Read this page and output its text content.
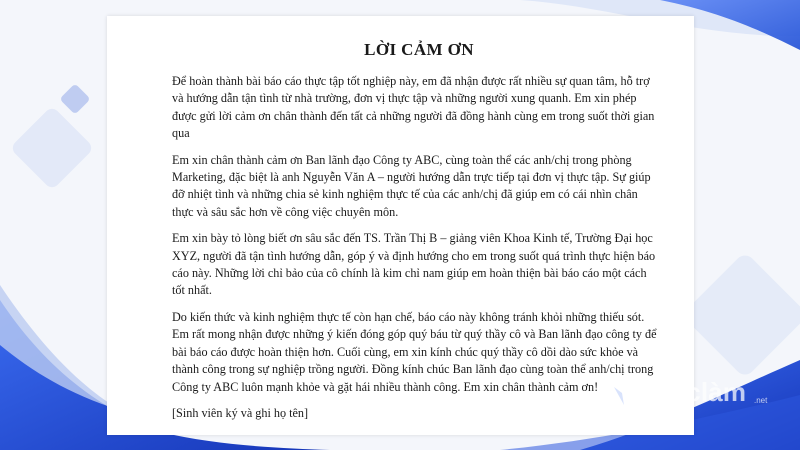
LỜI CẢM ƠN

Để hoàn thành bài báo cáo thực tập tốt nghiệp này, em đã nhận được rất nhiều sự quan tâm, hỗ trợ và hướng dẫn tận tình từ nhà trường, đơn vị thực tập và những người xung quanh. Em xin phép được gửi lời cảm ơn chân thành đến tất cả những người đã đồng hành cùng em trong suốt thời gian qua

Em xin chân thành cảm ơn Ban lãnh đạo Công ty ABC, cùng toàn thể các anh/chị trong phòng Marketing, đặc biệt là anh Nguyễn Văn A – người hướng dẫn trực tiếp tại đơn vị thực tập. Sự giúp đỡ nhiệt tình và những chia sẻ kinh nghiệm thực tế của các anh/chị đã giúp em có cái nhìn chân thực và sâu sắc hơn về công việc chuyên môn.

Em xin bày tỏ lòng biết ơn sâu sắc đến TS. Trần Thị B – giảng viên Khoa Kinh tế, Trường Đại học XYZ, người đã tận tình hướng dẫn, góp ý và định hướng cho em trong suốt quá trình thực hiện báo cáo này. Những lời chỉ bảo của cô chính là kim chỉ nam giúp em hoàn thiện bài báo cáo một cách tốt nhất.

Do kiến thức và kinh nghiệm thực tế còn hạn chế, báo cáo này không tránh khỏi những thiếu sót. Em rất mong nhận được những ý kiến đóng góp quý báu từ quý thầy cô và Ban lãnh đạo công ty để bài báo cáo được hoàn thiện hơn. Cuối cùng, em xin kính chúc quý thầy cô dồi dào sức khỏe và thành công trong sự nghiệp trồng người. Đồng kính chúc Ban lãnh đạo cùng toàn thể anh/chị trong Công ty ABC luôn mạnh khỏe và gặt hái nhiều thành công. Em xin chân thành cảm ơn!

[Sinh viên ký và ghi họ tên]

Việclàm .net
